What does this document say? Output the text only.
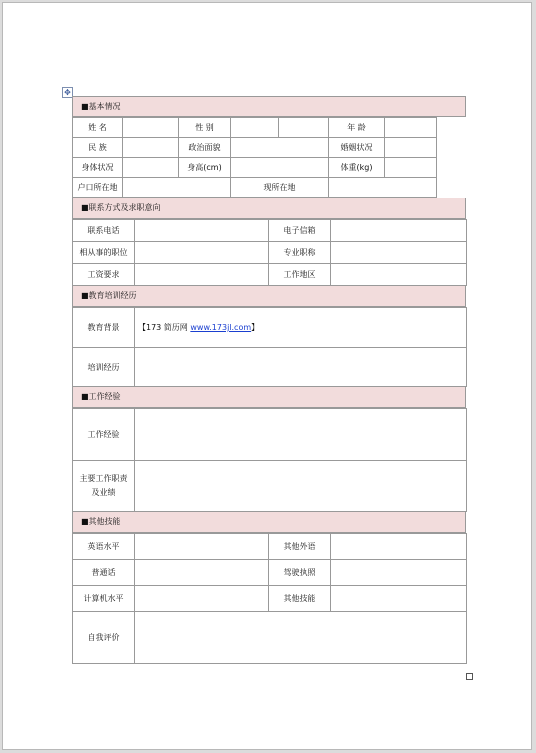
✥
■基本情况
姓 名		性 别			年 龄		
民 族		政治面貌			婚姻状况		
身体状况		身高(cm)			体重(kg)		
户口所在地			现所在地				
■联系方式及求职意向
联系电话		电子信箱	
相从事的职位		专业职称	
工资要求		工作地区	
■教育培训经历
教育背景	【173 简历网 www.173jl.com】
培训经历	
■工作经验
工作经验	
主要工作职责
及业绩	
■其他技能
英语水平		其他外语	
普通话		驾驶执照	
计算机水平		其他技能	
自我评价			
